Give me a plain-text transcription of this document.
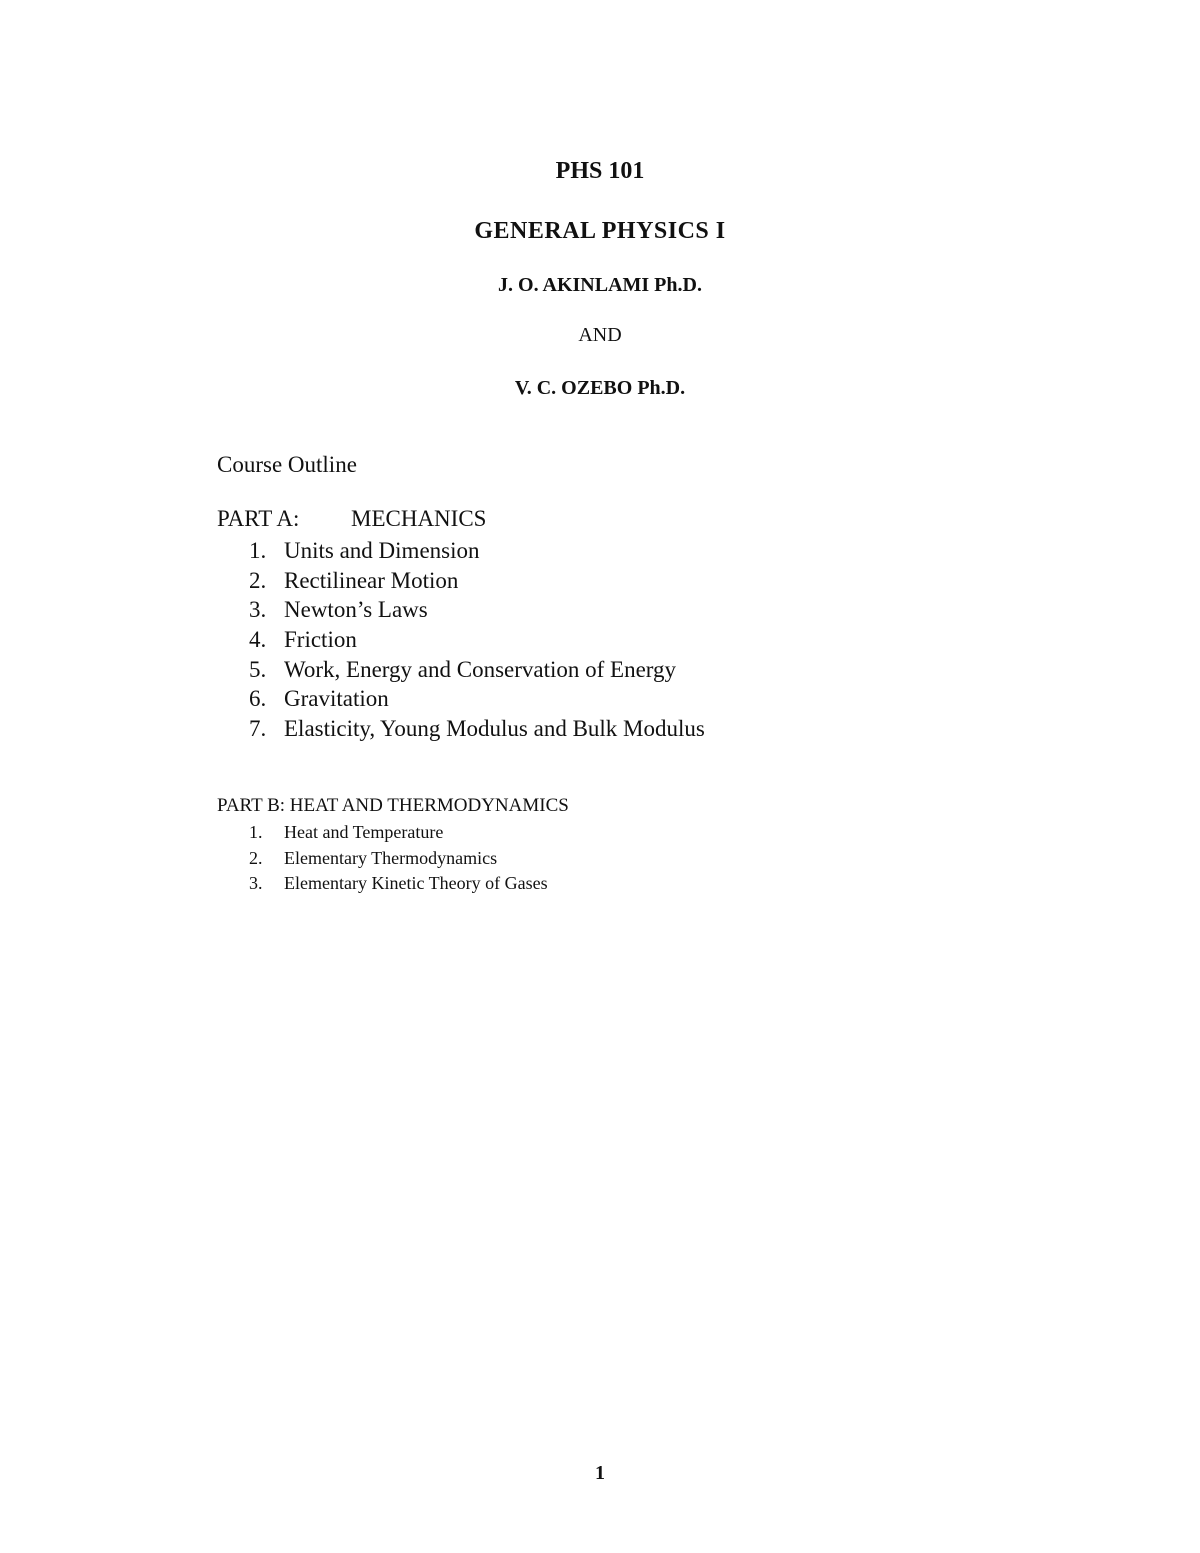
PHS 101
GENERAL PHYSICS I
J. O. AKINLAMI Ph.D.
AND
V. C. OZEBO Ph.D.
Course Outline
PART A: MECHANICS
1. Units and Dimension
2. Rectilinear Motion
3. Newton’s Laws
4. Friction
5. Work, Energy and Conservation of Energy
6. Gravitation
7. Elasticity, Young Modulus and Bulk Modulus
PART B: HEAT AND THERMODYNAMICS
1. Heat and Temperature
2. Elementary Thermodynamics
3. Elementary Kinetic Theory of Gases
1
